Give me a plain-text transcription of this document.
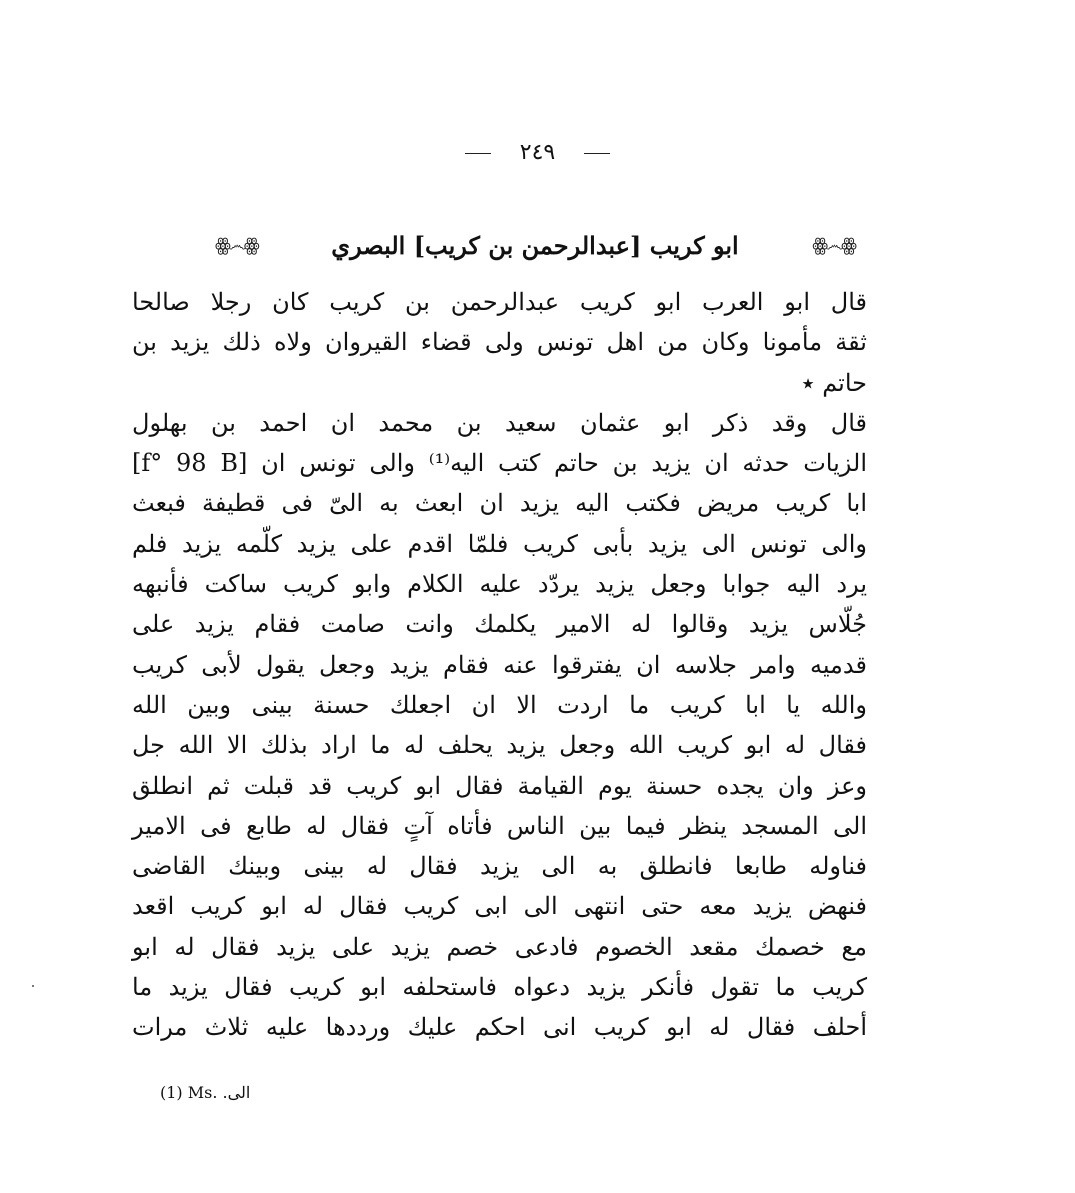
٢٤٩
ꙮ෴ꙮ	ابو كريب [عبدالرحمن بن كريب] البصري	ꙮ෴ꙮ

قال ابو العرب ابو كريب عبدالرحمن بن كريب كان رجلا صالحا
ثقة مأمونا وكان من اهل تونس ولى قضاء القيروان ولاه ذلك يزيد بن
حاتم ٭

قال وقد ذكر ابو عثمان سعيد بن محمد ان احمد بن بهلول
الزيات حدثه ان يزيد بن حاتم كتب اليه⁽¹⁾ والى تونس ان [f° 98 B]
ابا كريب مريض فكتب اليه يزيد ان ابعث به الىّ فى قطيفة فبعث
والى تونس الى يزيد بأبى كريب فلمّا اقدم على يزيد كلّمه يزيد فلم
يرد اليه جوابا وجعل يزيد يردّد عليه الكلام وابو كريب ساكت فأنبهه
جُلّاس يزيد وقالوا له الامير يكلمك وانت صامت فقام يزيد على
قدميه وامر جلاسه ان يفترقوا عنه فقام يزيد وجعل يقول لأبى كريب
والله يا ابا كريب ما اردت الا ان اجعلك حسنة بينى وبين الله
فقال له ابو كريب الله وجعل يزيد يحلف له ما اراد بذلك الا الله جل
وعز وان يجده حسنة يوم القيامة فقال ابو كريب قد قبلت ثم انطلق
الى المسجد ينظر فيما بين الناس فأتاه آتٍ فقال له طابع فى الامير
فناوله طابعا فانطلق به الى يزيد فقال له بينى وبينك القاضى
فنهض يزيد معه حتى انتهى الى ابى كريب فقال له ابو كريب اقعد
مع خصمك مقعد الخصوم فادعى خصم يزيد على يزيد فقال له ابو
كريب ما تقول فأنكر يزيد دعواه فاستحلفه ابو كريب فقال يزيد ما
أحلف فقال له ابو كريب انى احكم عليك ورددها عليه ثلاث مرات

(1) Ms. الى.
